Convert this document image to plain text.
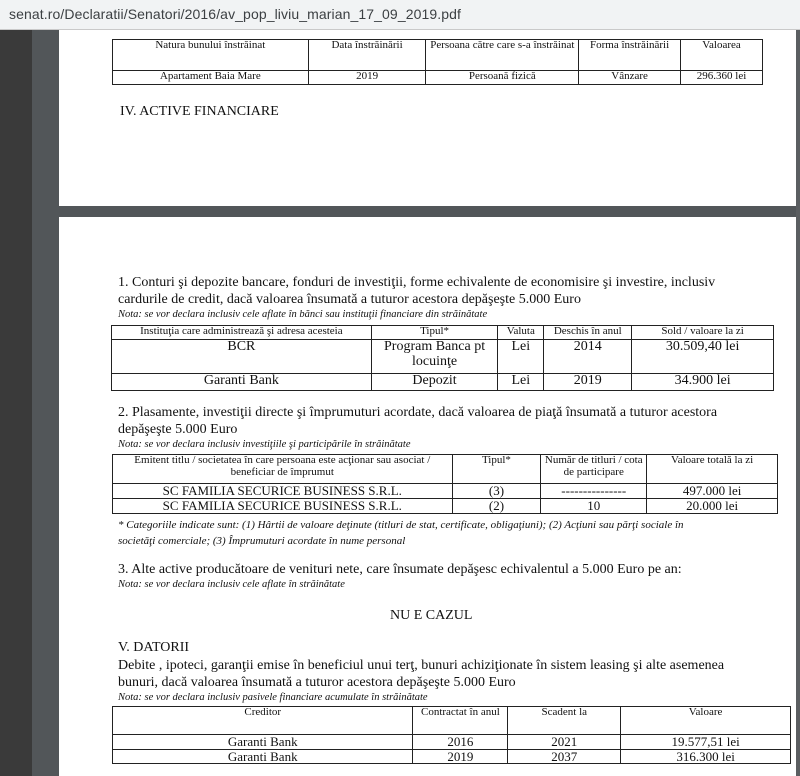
senat.ro/Declaratii/Senatori/2016/av_pop_liviu_marian_17_09_2019.pdf
Natura bunului înstrăinat	Data înstrăinării	Persoana către care s-a înstrăinat	Forma înstrăinării	Valoarea
Apartament Baia Mare	2019	Persoană fizică	Vânzare	296.360 lei
IV. ACTIVE FINANCIARE
1. Conturi şi depozite bancare, fonduri de investiţii, forme echivalente de economisire şi investire, inclusiv
cardurile de credit, dacă valoarea însumată a tuturor acestora depăşeşte 5.000 Euro
Nota: se vor declara inclusiv cele aflate în bănci sau instituţii financiare din străinătate
Instituţia care administrează şi adresa acesteia	Tipul*	Valuta	Deschis în anul	Sold / valoare la zi
BCR	Program Banca pt locuinţe	Lei	2014	30.509,40 lei
Garanti Bank	Depozit	Lei	2019	34.900 lei
2. Plasamente, investiţii directe şi împrumuturi acordate, dacă valoarea de piaţă însumată a tuturor acestora
depăşeşte 5.000 Euro
Nota: se vor declara inclusiv investiţiile şi participările în străinătate
Emitent titlu / societatea în care persoana este acţionar sau asociat / beneficiar de împrumut	Tipul*	Număr de titluri / cota de participare	Valoare totală la zi
SC FAMILIA SECURICE BUSINESS S.R.L.	(3)	---------------	497.000 lei
SC FAMILIA SECURICE BUSINESS S.R.L.	(2)	10	20.000 lei
* Categoriile indicate sunt: (1) Hârtii de valoare deţinute (titluri de stat, certificate, obligaţiuni); (2) Acţiuni sau părţi sociale în
societăţi comerciale; (3) Împrumuturi acordate în nume personal
3. Alte active producătoare de venituri nete, care însumate depăşesc echivalentul a 5.000 Euro pe an:
Nota: se vor declara inclusiv cele aflate în străinătate
NU E CAZUL
V. DATORII
Debite , ipoteci, garanţii emise în beneficiul unui terţ, bunuri achiziţionate în sistem leasing şi alte asemenea
bunuri, dacă valoarea însumată a tuturor acestora depăşeşte 5.000 Euro
Nota: se vor declara inclusiv pasivele financiare acumulate în străinătate
Creditor	Contractat în anul	Scadent la	Valoare
Garanti Bank	2016	2021	19.577,51 lei
Garanti Bank	2019	2037	316.300 lei
